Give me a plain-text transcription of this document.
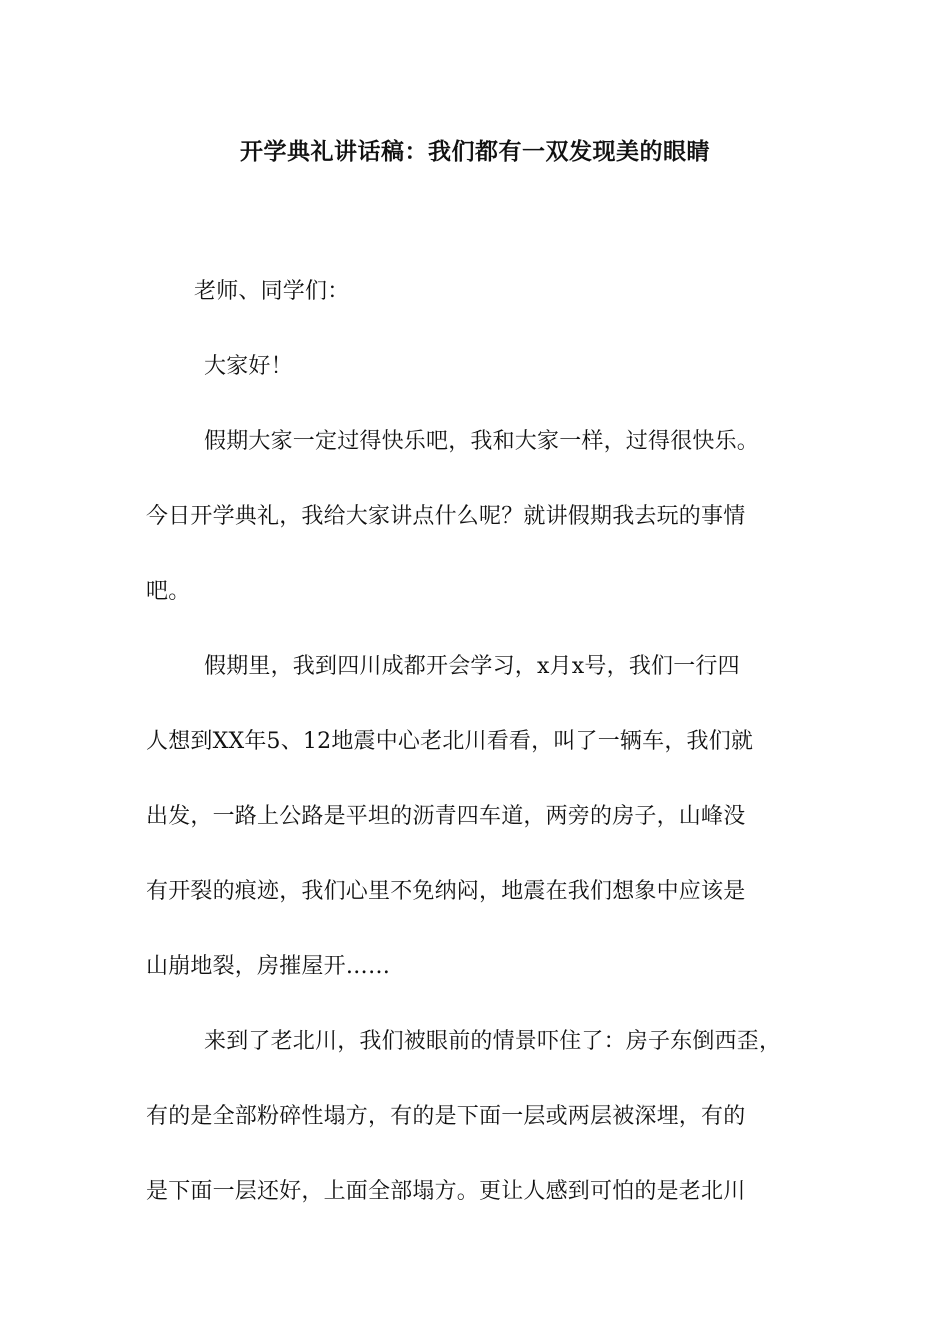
开学典礼讲话稿：我们都有一双发现美的眼睛

老师、同学们：

大家好！

假期大家一定过得快乐吧，我和大家一样，过得很快乐。

今日开学典礼，我给大家讲点什么呢？就讲假期我去玩的事情

吧。

假期里，我到四川成都开会学习，x月x号，我们一行四

人想到XX年5、12地震中心老北川看看，叫了一辆车，我们就

出发，一路上公路是平坦的沥青四车道，两旁的房子，山峰没

有开裂的痕迹，我们心里不免纳闷，地震在我们想象中应该是

山崩地裂，房摧屋开……

来到了老北川，我们被眼前的情景吓住了：房子东倒西歪，

有的是全部粉碎性塌方，有的是下面一层或两层被深埋，有的

是下面一层还好，上面全部塌方。更让人感到可怕的是老北川
